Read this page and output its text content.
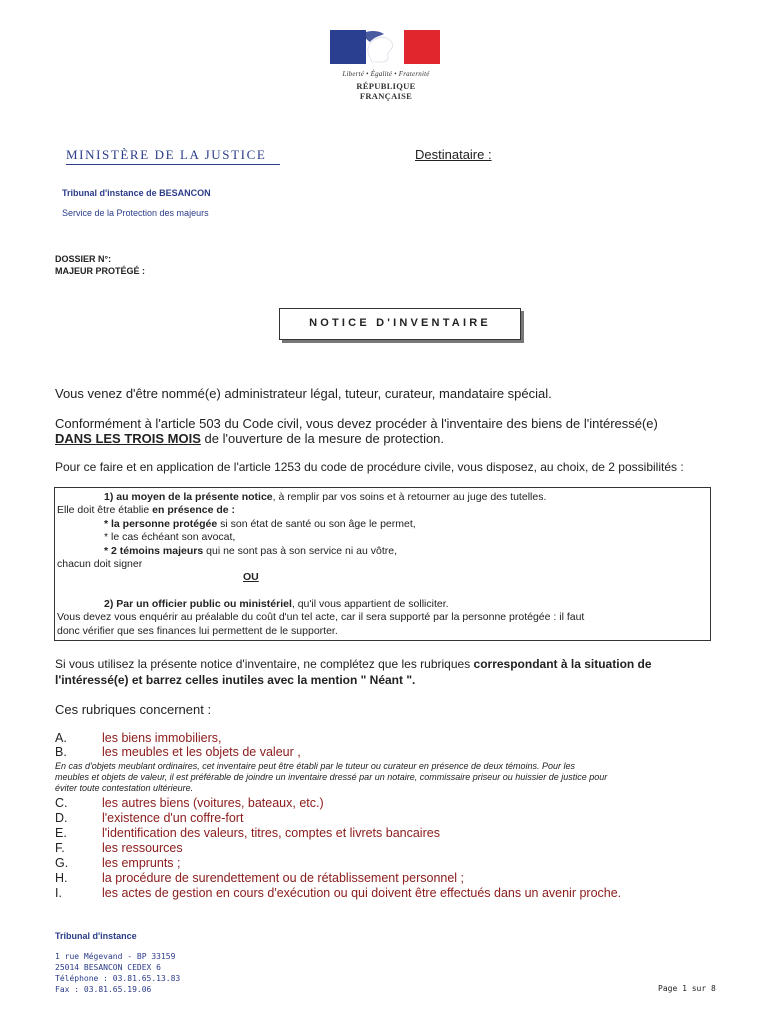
Liberté • Égalité • Fraternité
RÉPUBLIQUE FRANÇAISE
MINISTÈRE DE LA JUSTICE	Destinataire :
Tribunal d'instance de BESANCON
Service de la Protection des majeurs
DOSSIER N°:
MAJEUR PROTÉGÉ :
NOTICE D'INVENTAIRE
Vous venez d'être nommé(e) administrateur légal, tuteur, curateur, mandataire spécial.
Conformément à l'article 503 du Code civil, vous devez procéder à l'inventaire des biens de l'intéressé(e)
DANS LES TROIS MOIS de l'ouverture de la mesure de protection.
Pour ce faire et en application de l'article 1253 du code de procédure civile, vous disposez, au choix, de 2 possibilités :
1) au moyen de la présente notice, à remplir par vos soins et à retourner au juge des tutelles.
Elle doit être établie en présence de :
* la personne protégée si son état de santé ou son âge le permet,
* le cas échéant son avocat,
* 2 témoins majeurs qui ne sont pas à son service ni au vôtre,
chacun doit signer
OU
2) Par un officier public ou ministériel, qu'il vous appartient de solliciter.
Vous devez vous enquérir au préalable du coût d'un tel acte, car il sera supporté par la personne protégée : il faut
donc vérifier que ses finances lui permettent de le supporter.
Si vous utilisez la présente notice d'inventaire, ne complétez que les rubriques correspondant à la situation de
l'intéressé(e) et barrez celles inutiles avec la mention " Néant ".
Ces rubriques concernent :
A.	les biens immobiliers,
B.	les meubles et les objets de valeur ,
En cas d'objets meublant ordinaires, cet inventaire peut être établi par le tuteur ou curateur en présence de deux témoins. Pour les
meubles et objets de valeur, il est préférable de joindre un inventaire dressé par un notaire, commissaire priseur ou huissier de justice pour
éviter toute contestation ultérieure.
C.	les autres biens (voitures, bateaux, etc.)
D.	l'existence d'un coffre-fort
E.	l'identification des valeurs, titres, comptes et livrets bancaires
F.	les ressources
G.	les emprunts ;
H.	la procédure de surendettement ou de rétablissement personnel ;
I.	les actes de gestion en cours d'exécution ou qui doivent être effectués dans un avenir proche.
Tribunal d'instance
1 rue Mégevand - BP 33159
25014 BESANCON CEDEX 6
Téléphone : 03.81.65.13.83
Fax : 03.81.65.19.06	Page 1 sur 8
